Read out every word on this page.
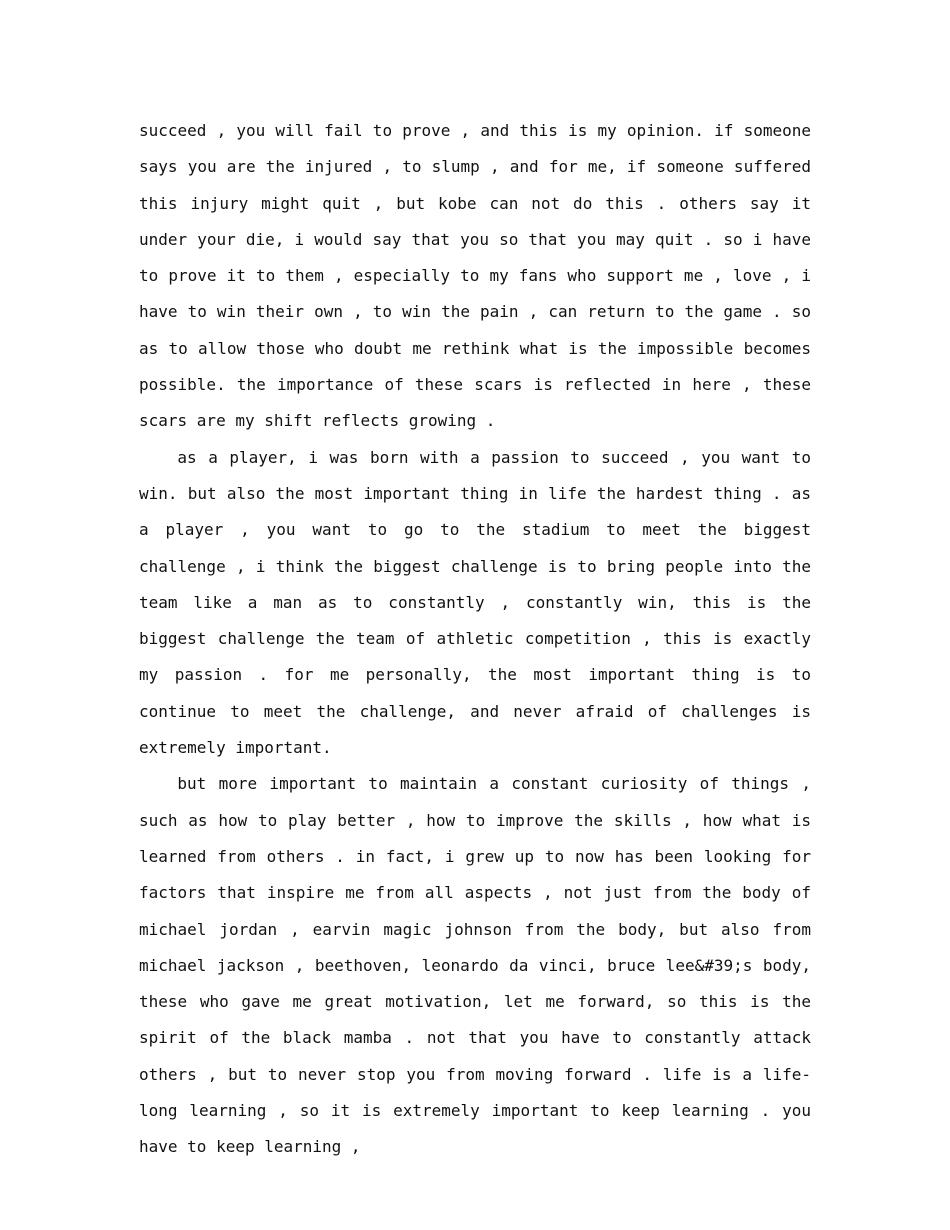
succeed , you will fail to prove , and this is my opinion. if someone says you are the injured , to slump , and for me, if someone suffered this injury might quit , but kobe can not do this . others say it under your die, i would say that you so that you may quit . so i have to prove it to them , especially to my fans who support me , love , i have to win their own , to win the pain , can return to the game . so as to allow those who doubt me rethink what is the impossible becomes possible. the importance of these scars is reflected in here , these scars are my shift reflects growing .

as a player, i was born with a passion to succeed , you want to win. but also the most important thing in life the hardest thing . as a player , you want to go to the stadium to meet the biggest challenge , i think the biggest challenge is to bring people into the team like a man as to constantly , constantly win, this is the biggest challenge the team of athletic competition , this is exactly my passion . for me personally, the most important thing is to continue to meet the challenge, and never afraid of challenges is extremely important.

but more important to maintain a constant curiosity of things , such as how to play better , how to improve the skills , how what is learned from others . in fact, i grew up to now has been looking for factors that inspire me from all aspects , not just from the body of michael jordan , earvin magic johnson from the body, but also from michael jackson , beethoven, leonardo da vinci, bruce lee&#39;s body, these who gave me great motivation, let me forward, so this is the spirit of the black mamba . not that you have to constantly attack others , but to never stop you from moving forward . life is a life-long learning , so it is extremely important to keep learning . you have to keep learning ,
